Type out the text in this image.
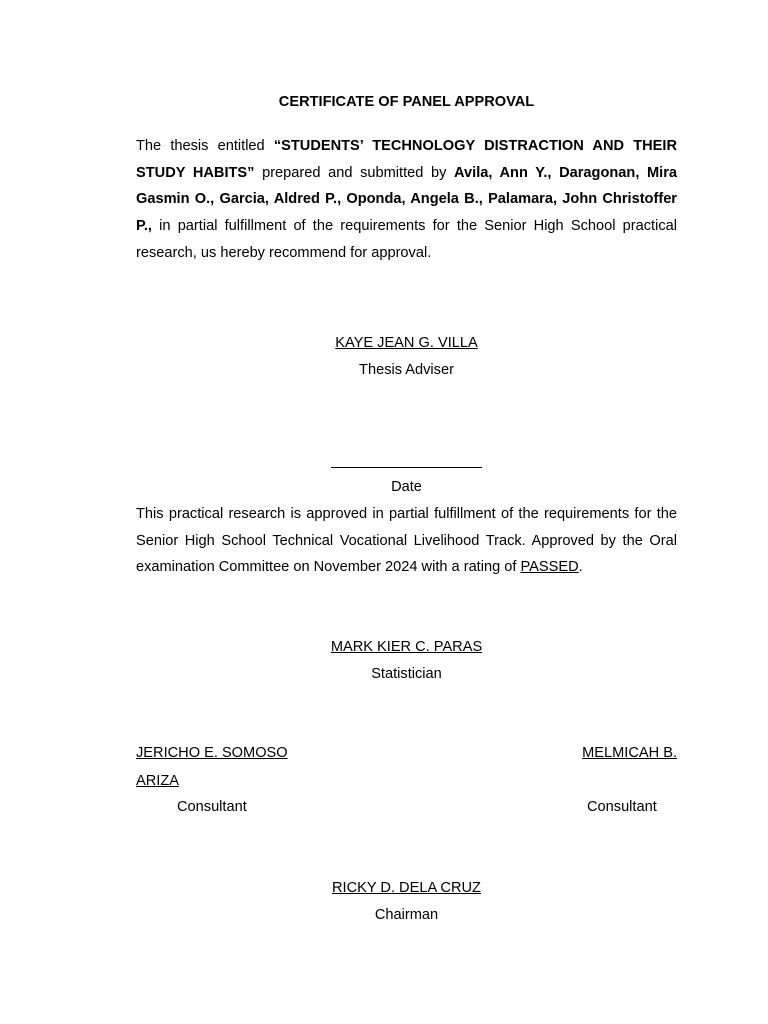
CERTIFICATE OF PANEL APPROVAL
The thesis entitled “STUDENTS’ TECHNOLOGY DISTRACTION AND THEIR STUDY HABITS” prepared and submitted by Avila, Ann Y., Daragonan, Mira Gasmin O., Garcia, Aldred P., Oponda, Angela B., Palamara, John Christoffer P., in partial fulfillment of the requirements for the Senior High School practical research, us hereby recommend for approval.
KAYE JEAN G. VILLA
Thesis Adviser
Date
This practical research is approved in partial fulfillment of the requirements for the Senior High School Technical Vocational Livelihood Track. Approved by the Oral examination Committee on November 2024 with a rating of PASSED.
MARK KIER C. PARAS
Statistician
JERICHO E. SOMOSO
ARIZA
Consultant
MELMICAH B.
Consultant
RICKY D. DELA CRUZ
Chairman
